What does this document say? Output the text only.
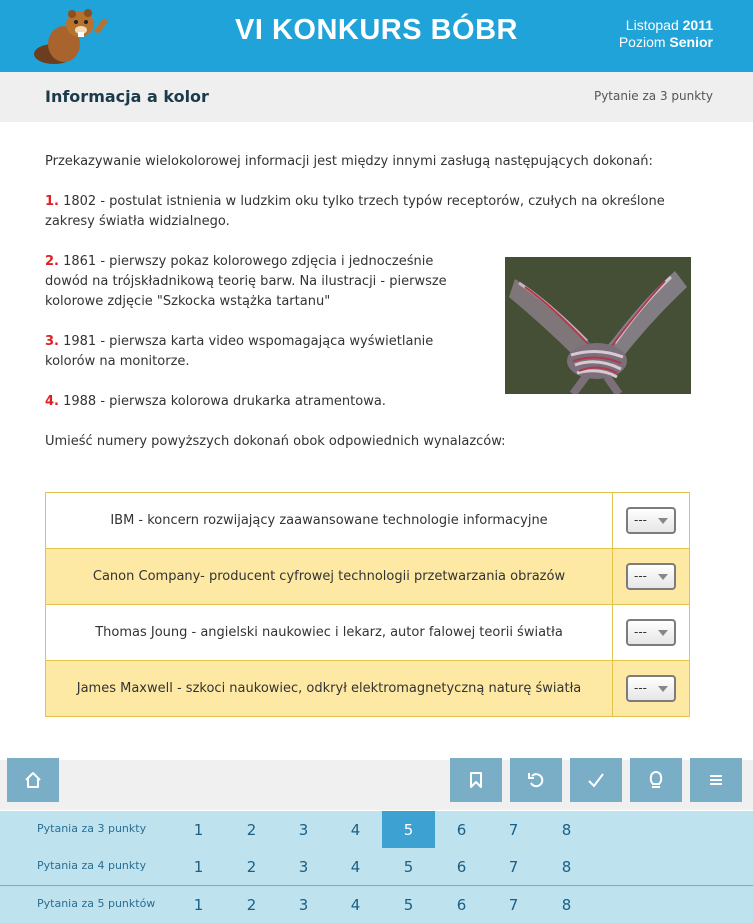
VI KONKURS BÓBR	Listopad 2011
Poziom Senior
Informacja a kolor	Pytanie za 3 punkty
Przekazywanie wielokolorowej informacji jest między innymi zasługą następujących dokonań:
1. 1802 - postulat istnienia w ludzkim oku tylko trzech typów receptorów, czułych na określone zakresy światła widzialnego.
2. 1861 - pierwszy pokaz kolorowego zdjęcia i jednocześnie dowód na trójskładnikową teorię barw. Na ilustracji - pierwsze kolorowe zdjęcie "Szkocka wstążka tartanu"
3. 1981 - pierwsza karta video wspomagająca wyświetlanie kolorów na monitorze.
4. 1988 - pierwsza kolorowa drukarka atramentowa.
Umieść numery powyższych dokonań obok odpowiednich wynalazców:
IBM - koncern rozwijający zaawansowane technologie informacyjne	---
Canon Company- producent cyfrowej technologii przetwarzania obrazów	---
Thomas Joung - angielski naukowiec i lekarz, autor falowej teorii światła	---
James Maxwell - szkoci naukowiec, odkrył elektromagnetyczną naturę światła	---
Pytania za 3 punkty	1	2	3	4	5	6	7	8
Pytania za 4 punkty	1	2	3	4	5	6	7	8
Pytania za 5 punktów	1	2	3	4	5	6	7	8
